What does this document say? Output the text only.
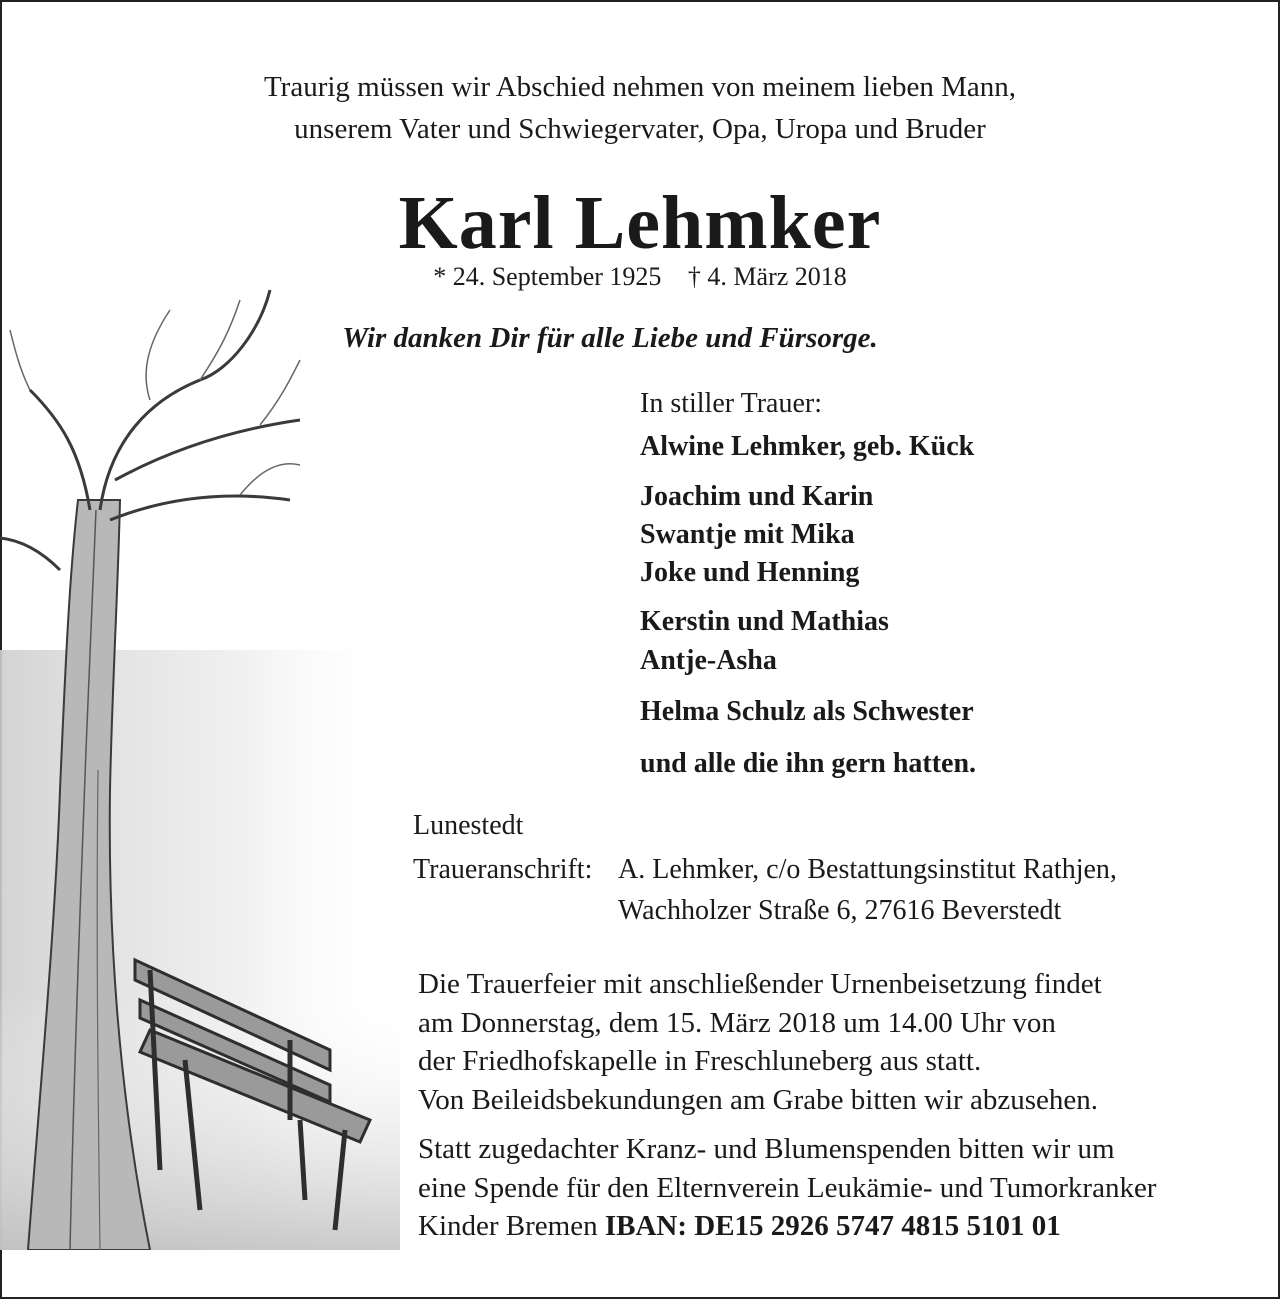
Traurig müssen wir Abschied nehmen von meinem lieben Mann,
unserem Vater und Schwiegervater, Opa, Uropa und Bruder
Karl Lehmker
* 24. September 1925 † 4. März 2018
Wir danken Dir für alle Liebe und Fürsorge.
In stiller Trauer:
Alwine Lehmker, geb. Kück
Joachim und Karin
Swantje mit Mika
Joke und Henning
Kerstin und Mathias
Antje-Asha
Helma Schulz als Schwester
und alle die ihn gern hatten.
Lunestedt
Traueranschrift: A. Lehmker, c/o Bestattungsinstitut Rathjen,
Wachholzer Straße 6, 27616 Beverstedt
Die Trauerfeier mit anschließender Urnenbeisetzung findet
am Donnerstag, dem 15. März 2018 um 14.00 Uhr von
der Friedhofskapelle in Freschluneberg aus statt.
Von Beileidsbekundungen am Grabe bitten wir abzusehen.
Statt zugedachter Kranz- und Blumenspenden bitten wir um
eine Spende für den Elternverein Leukämie- und Tumorkranker
Kinder Bremen IBAN: DE15 2926 5747 4815 5101 01
